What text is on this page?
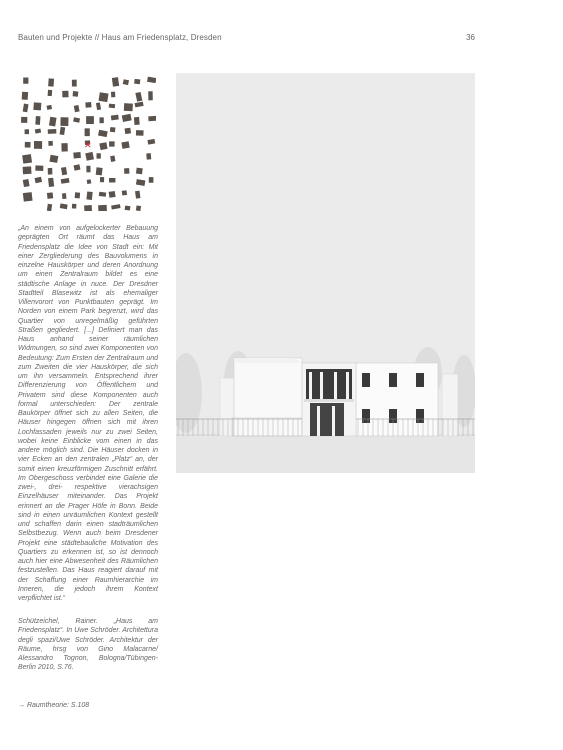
Bauten und Projekte // Haus am Friedensplatz, Dresden	36
✕
„An einem von aufgelockerter Bebauung geprägten Ort räumt das Haus am Friedensplatz die Idee von Stadt ein: Mit einer Zergliederung des Bauvolumens in einzelne Hauskörper und deren Anordnung um einen Zentralraum bildet es eine städtische Anlage in nuce. Der Dresdner Stadtteil Blasewitz ist als ehemaliger Villenvorort von Punktbauten geprägt. Im Norden von einem Park begrenzt, wird das Quartier von unregelmäßig geführten Straßen gegliedert. [...] Definiert man das Haus anhand seiner räumlichen Widmungen, so sind zwei Komponenten von Bedeutung: Zum Ersten der Zentralraum und zum Zweiten die vier Hauskörper, die sich um ihn versammeln. Entsprechend ihrer Differenzierung von Öffentlichem und Privatem sind diese Komponenten auch formal unterschieden: Der zentrale Baukörper öffnet sich zu allen Seiten, die Häuser hingegen öffnen sich mit ihren Lochfassaden jeweils nur zu zwei Seiten, wobei keine Einblicke vom einen in das andere möglich sind. Die Häuser docken in vier Ecken an den zentralen „Platz“ an, der somit einen kreuzförmigen Zuschnitt erfährt. Im Obergeschoss verbindet eine Galerie die zwei-, drei- respektive vierachsigen Einzelhäuser miteinander. Das Projekt erinnert an die Prager Höfe in Bonn. Beide sind in einen unräumlichen Kontext gestellt und schaffen darin einen stadträumlichen Selbstbezug. Wenn auch beim Dresdener Projekt eine städtebauliche Motivation des Quartiers zu erkennen ist, so ist dennoch auch hier eine Abwesenheit des Räumlichen festzustellen. Das Haus reagiert darauf mit der Schaffung einer Raumhierarchie im Inneren, die jedoch ihrem Kontext verpflichtet ist.“
Schützeichel, Rainer. „Haus am Friedensplatz“. In Uwe Schröder. Architettura degli spazi/Uwe Schröder. Architektur der Räume, hrsg von Gino Malacarne/ Alessandro Tognon, Bologna/Tübingen-Berlin 2010, S.76.
→ Raumtheorie: S.108
